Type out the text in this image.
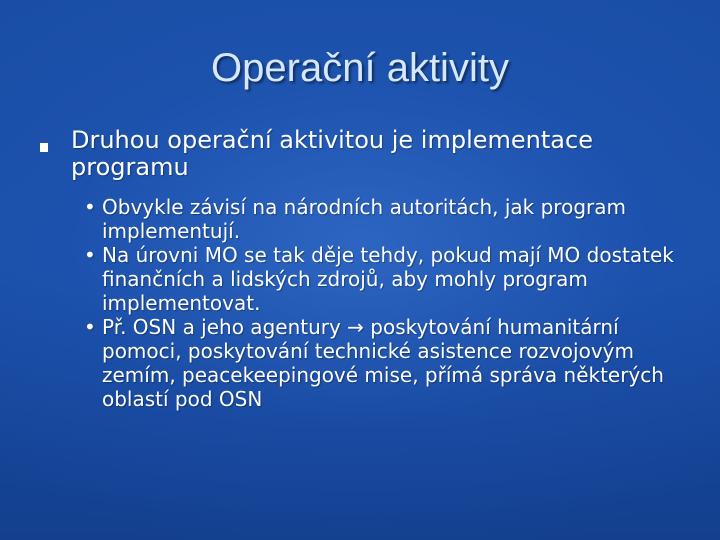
Operační aktivity
Druhou operační aktivitou je implementace programu
• Obvykle závisí na národních autoritách, jak program implementují.
• Na úrovni MO se tak děje tehdy, pokud mají MO dostatek finančních a lidských zdrojů, aby mohly program implementovat.
• Př. OSN a jeho agentury → poskytování humanitární pomoci, poskytování technické asistence rozvojovým zemím, peacekeepingové mise, přímá správa některých oblastí pod OSN
